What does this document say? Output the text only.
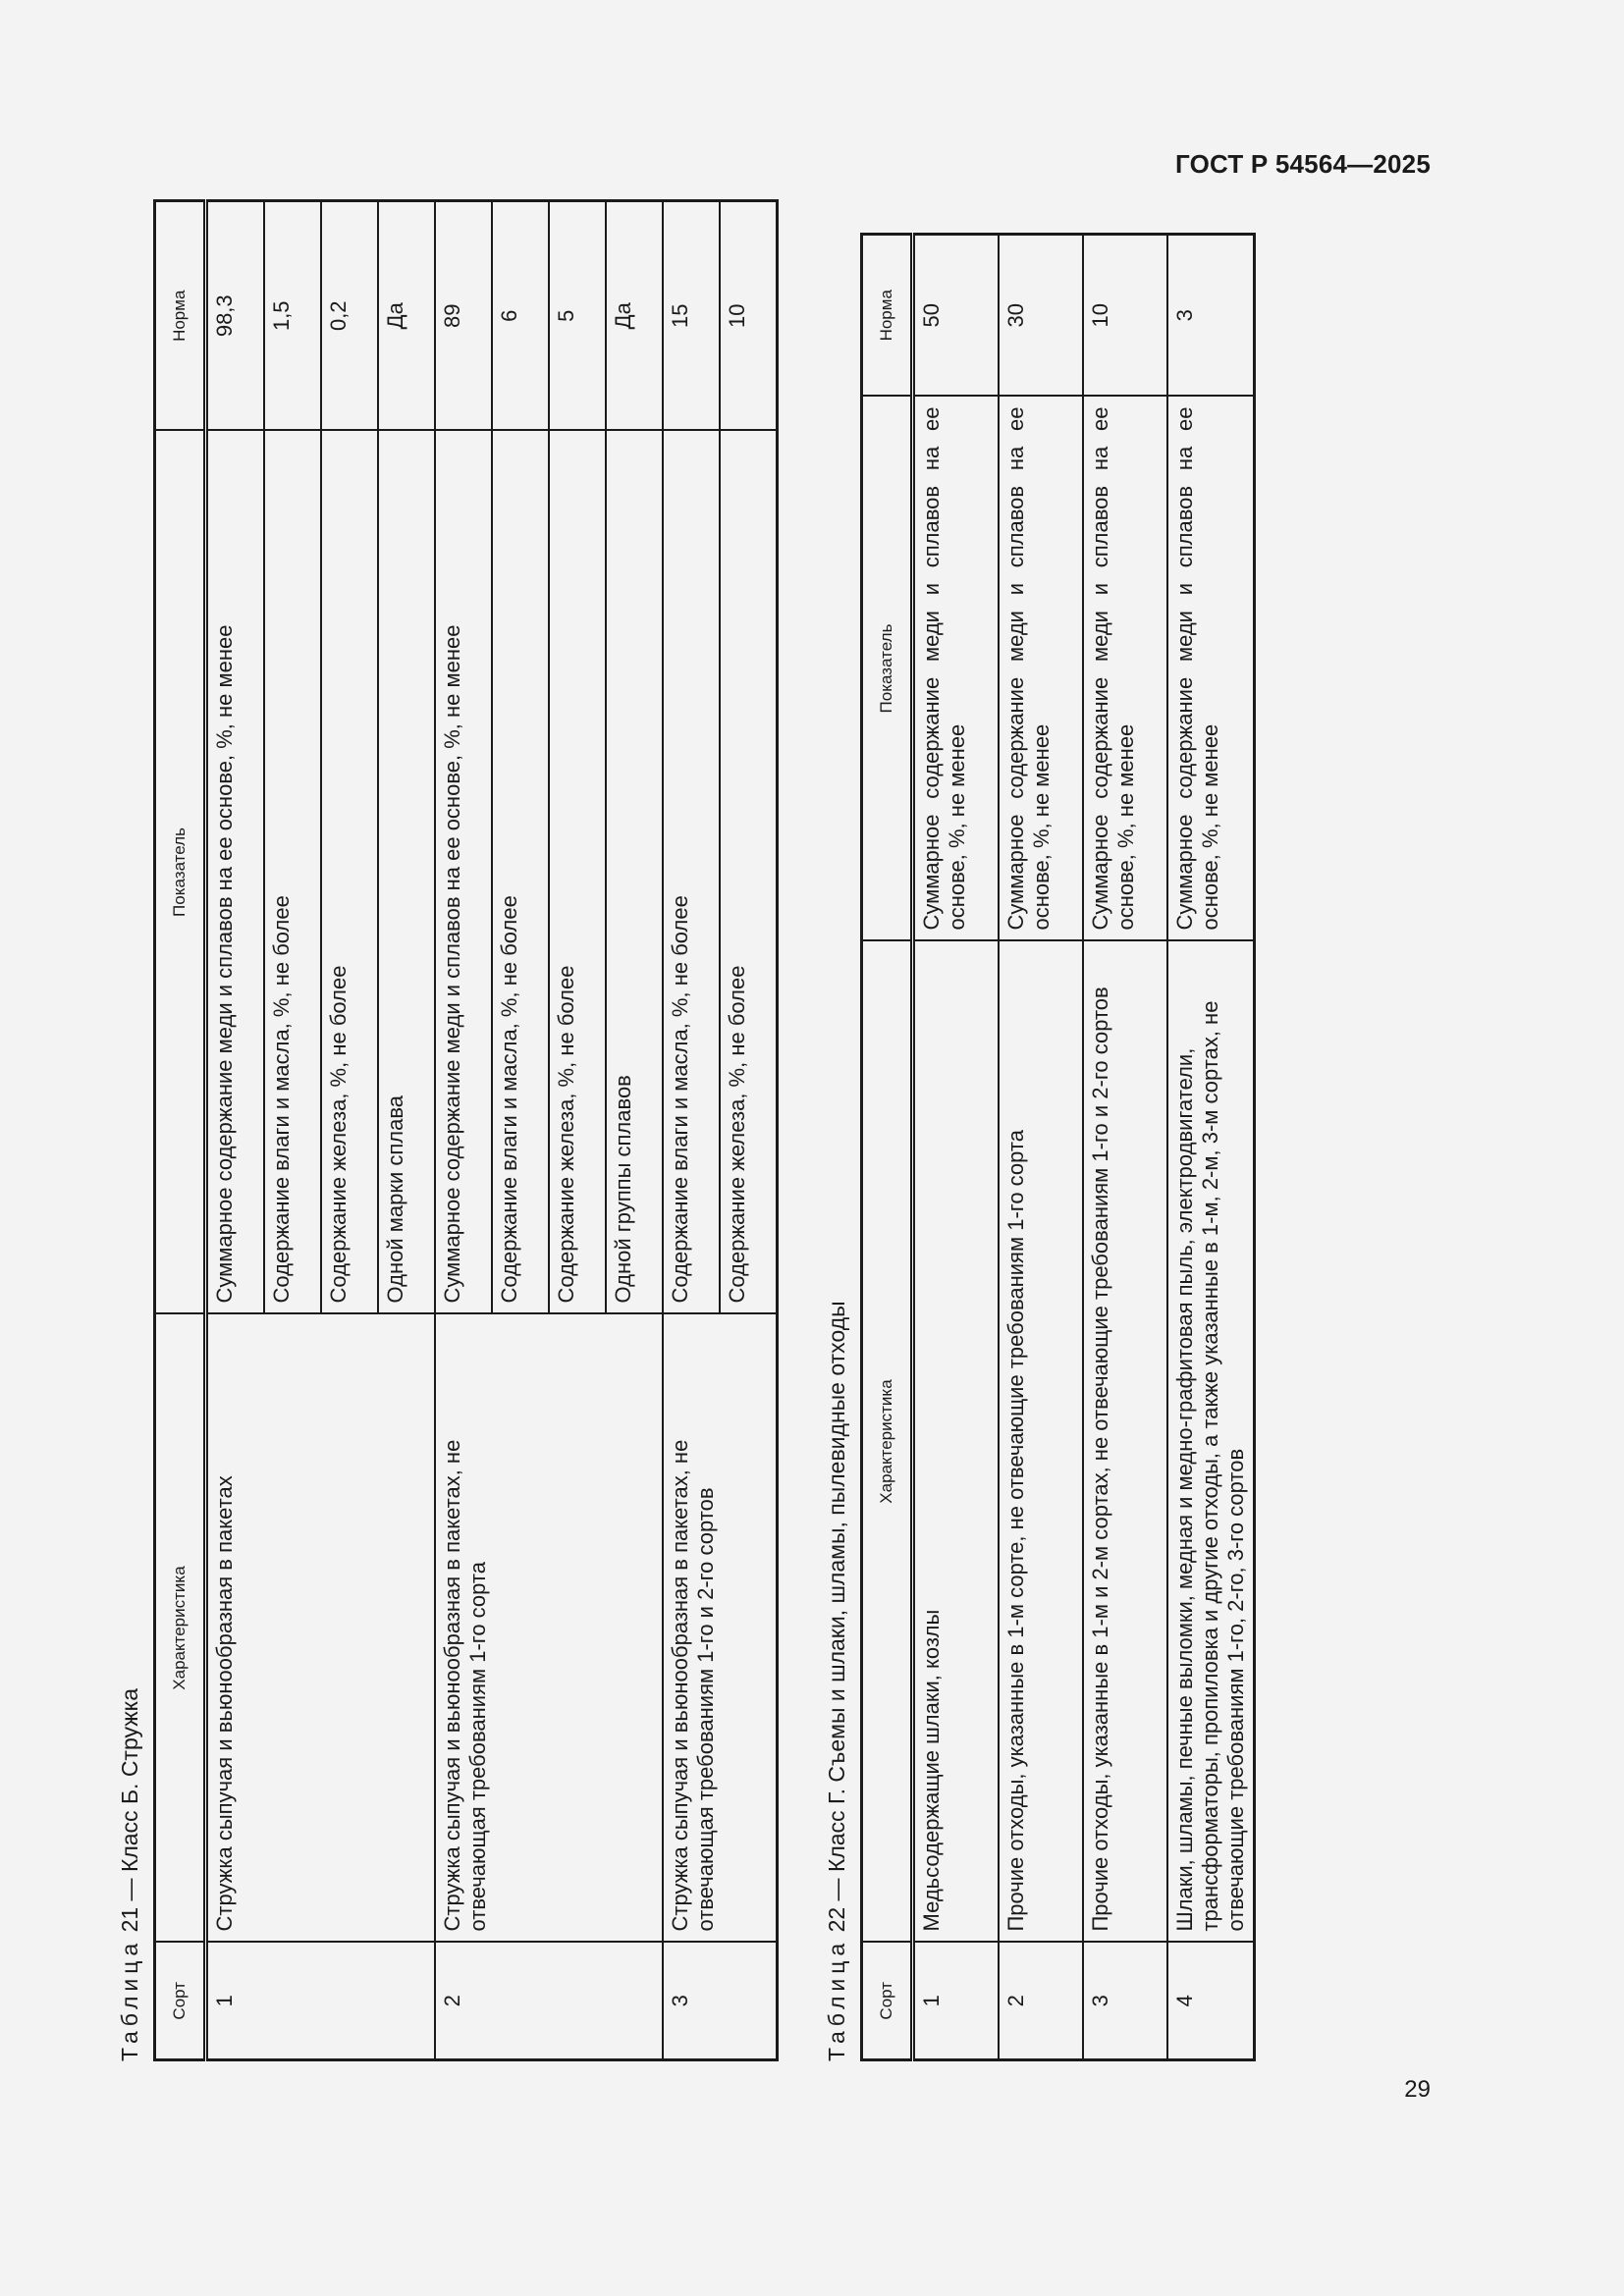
ГОСТ Р 54564—2025
Таблица 21 — Класс Б. Стружка
Сорт	Характеристика	Показатель	Норма
1	Стружка сыпучая и вьюнообразная в пакетах	Суммарное содержание меди и сплавов на ее основе, %, не менее	98,3
		Содержание влаги и масла, %, не более	1,5
		Содержание железа, %, не более	0,2
		Одной марки сплава	Да
2	Стружка сыпучая и вьюнообразная в пакетах, не отвечающая требованиям 1-го сорта	Суммарное содержание меди и сплавов на ее основе, %, не менее	89
		Содержание влаги и масла, %, не более	6
		Содержание железа, %, не более	5
		Одной группы сплавов	Да
3	Стружка сыпучая и вьюнообразная в пакетах, не отвечающая требованиям 1-го и 2-го сортов	Содержание влаги и масла, %, не более	15
		Содержание железа, %, не более	10
Таблица 22 — Класс Г. Съемы и шлаки, шламы, пылевидные отходы
Сорт	Характеристика	Показатель	Норма
1	Медьсодержащие шлаки, козлы	Суммарное содержание меди и сплавов на ее основе, %, не менее	50
2	Прочие отходы, указанные в 1-м сорте, не отвечающие требованиям 1-го сорта	Суммарное содержание меди и сплавов на ее основе, %, не менее	30
3	Прочие отходы, указанные в 1-м и 2-м сортах, не отвечающие требованиям 1-го и 2-го сортов	Суммарное содержание меди и сплавов на ее основе, %, не менее	10
4	Шлаки, шламы, печные выломки, медная и медно-графитовая пыль, электродвигатели, трансформаторы, пропиловка и другие отходы, а также указанные в 1-м, 2-м, 3-м сортах, не отвечающие требованиям 1-го, 2-го, 3-го сортов	Суммарное содержание меди и сплавов на ее основе, %, не менее	3
29
